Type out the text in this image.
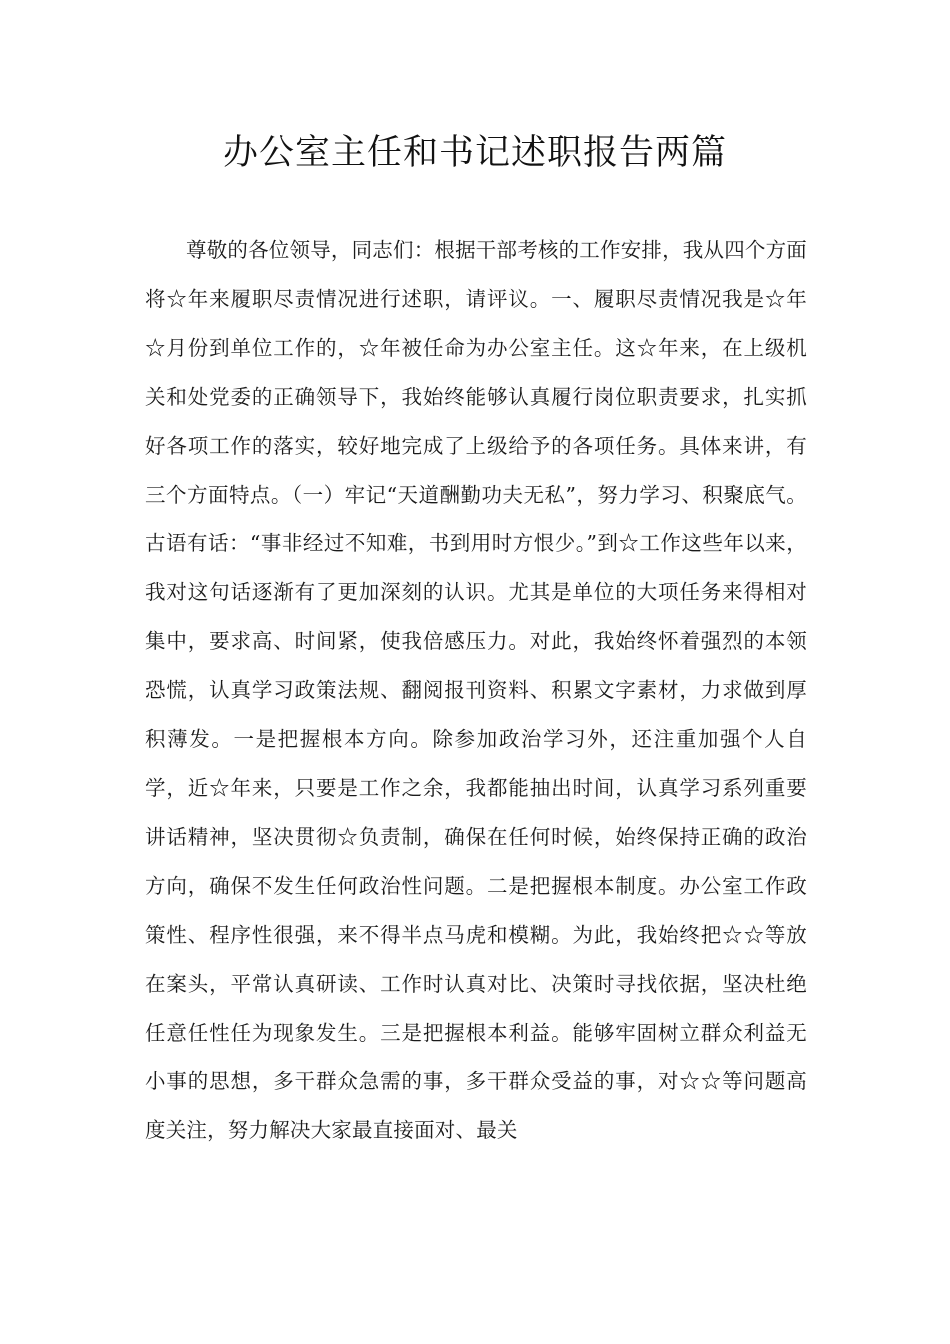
办公室主任和书记述职报告两篇

尊敬的各位领导，同志们：根据干部考核的工作安排，我从四个方面将☆年来履职尽责情况进行述职，请评议。一、履职尽责情况我是☆年☆月份到单位工作的，☆年被任命为办公室主任。这☆年来，在上级机关和处党委的正确领导下，我始终能够认真履行岗位职责要求，扎实抓好各项工作的落实，较好地完成了上级给予的各项任务。具体来讲，有三个方面特点。（一）牢记“天道酬勤功夫无私”，努力学习、积聚底气。古语有话：“事非经过不知难，书到用时方恨少。”到☆工作这些年以来，我对这句话逐渐有了更加深刻的认识。尤其是单位的大项任务来得相对集中，要求高、时间紧，使我倍感压力。对此，我始终怀着强烈的本领恐慌，认真学习政策法规、翻阅报刊资料、积累文字素材，力求做到厚积薄发。一是把握根本方向。除参加政治学习外，还注重加强个人自学，近☆年来，只要是工作之余，我都能抽出时间，认真学习系列重要讲话精神，坚决贯彻☆负责制，确保在任何时候，始终保持正确的政治方向，确保不发生任何政治性问题。二是把握根本制度。办公室工作政策性、程序性很强，来不得半点马虎和模糊。为此，我始终把☆☆等放在案头，平常认真研读、工作时认真对比、决策时寻找依据，坚决杜绝任意任性任为现象发生。三是把握根本利益。能够牢固树立群众利益无小事的思想，多干群众急需的事，多干群众受益的事，对☆☆等问题高度关注，努力解决大家最直接面对、最关
